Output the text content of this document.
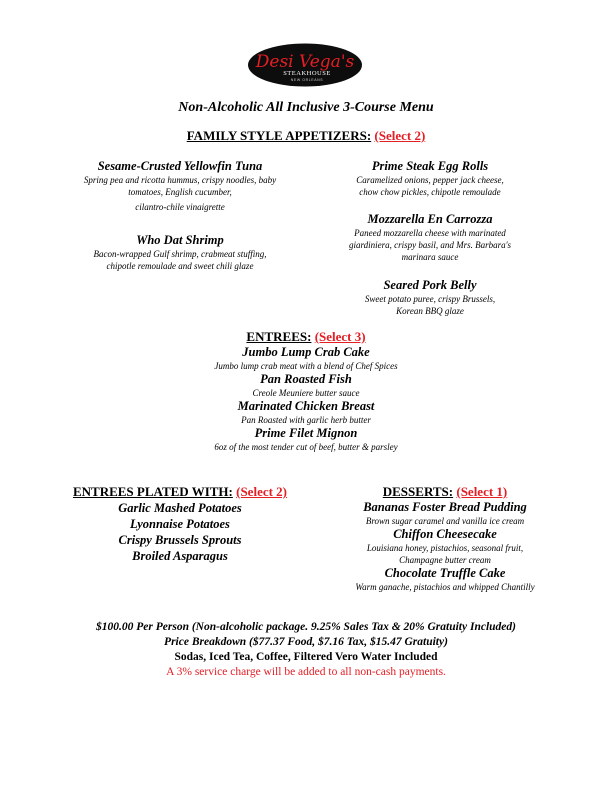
Desi Vega's
STEAKHOUSE
NEW ORLEANS
Non-Alcoholic All Inclusive 3-Course Menu
FAMILY STYLE APPETIZERS: (Select 2)
Sesame-Crusted Yellowfin Tuna
Spring pea and ricotta hummus, crispy noodles, baby
tomatoes, English cucumber,
cilantro-chile vinaigrette
Who Dat Shrimp
Bacon-wrapped Gulf shrimp, crabmeat stuffing,
chipotle remoulade and sweet chili glaze
Prime Steak Egg Rolls
Caramelized onions, pepper jack cheese,
chow chow pickles, chipotle remoulade
Mozzarella En Carrozza
Paneed mozzarella cheese with marinated
giardiniera, crispy basil, and Mrs. Barbara's
marinara sauce
Seared Pork Belly
Sweet potato puree, crispy Brussels,
Korean BBQ glaze
ENTREES: (Select 3)
Jumbo Lump Crab Cake
Jumbo lump crab meat with a blend of Chef Spices
Pan Roasted Fish
Creole Meuniere butter sauce
Marinated Chicken Breast
Pan Roasted with garlic herb butter
Prime Filet Mignon
6oz of the most tender cut of beef, butter & parsley
ENTREES PLATED WITH: (Select 2)
Garlic Mashed Potatoes
Lyonnaise Potatoes
Crispy Brussels Sprouts
Broiled Asparagus
DESSERTS: (Select 1)
Bananas Foster Bread Pudding
Brown sugar caramel and vanilla ice cream
Chiffon Cheesecake
Louisiana honey, pistachios, seasonal fruit,
Champagne butter cream
Chocolate Truffle Cake
Warm ganache, pistachios and whipped Chantilly
$100.00 Per Person (Non-alcoholic package. 9.25% Sales Tax & 20% Gratuity Included)
Price Breakdown ($77.37 Food, $7.16 Tax, $15.47 Gratuity)
Sodas, Iced Tea, Coffee, Filtered Vero Water Included
A 3% service charge will be added to all non-cash payments.
